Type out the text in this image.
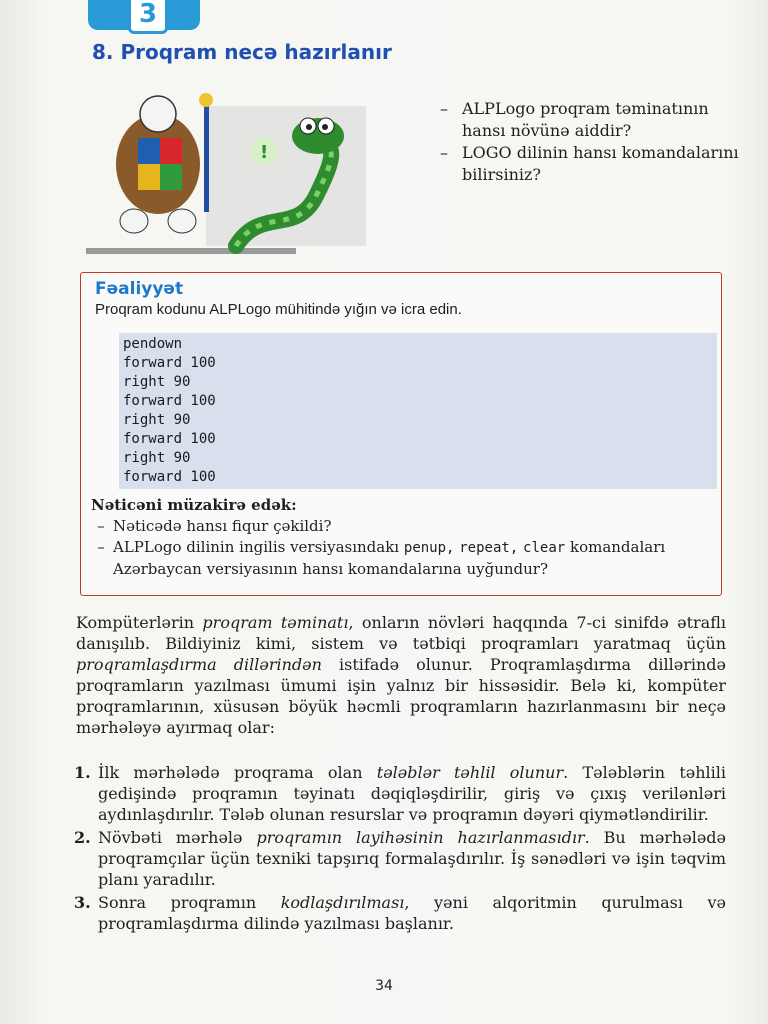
3
8. Proqram necə hazırlanır
!
– ALPLogo proqram təminatının hansı növünə aiddir?
– LOGO dilinin hansı komandalarını bilirsiniz?
Fəaliyyət
Proqram kodunu ALPLogo mühitində yığın və icra edin.
pendown
forward 100
right 90
forward 100
right 90
forward 100
right 90
forward 100
Nəticəni müzakirə edək:
– Nəticədə hansı fiqur çəkildi?
– ALPLogo dilinin ingilis versiyasındakı penup, repeat, clear komandaları Azərbaycan versiyasının hansı komandalarına uyğundur?
Kompüterlərin proqram təminatı, onların növləri haqqında 7-ci sinifdə ətraflı danışılıb. Bildiyiniz kimi, sistem və tətbiqi proqramları yaratmaq üçün proqramlaşdırma dillərindən istifadə olunur. Proqramlaşdırma dillərində proqramların yazılması ümumi işin yalnız bir hissəsidir. Belə ki, kompüter proqramlarının, xüsusən böyük həcmli proqramların hazırlanmasını bir neçə mərhələyə ayırmaq olar:
1. İlk mərhələdə proqrama olan tələblər təhlil olunur. Tələblərin təhlili gedişində proqramın təyinatı dəqiqləşdirilir, giriş və çıxış verilənləri aydınlaşdırılır. Tələb olunan resurslar və proqramın dəyəri qiymətləndirilir.
2. Növbəti mərhələ proqramın layihəsinin hazırlanmasıdır. Bu mərhələdə proqramçılar üçün texniki tapşırıq formalaşdırılır. İş sənədləri və işin təqvim planı yaradılır.
3. Sonra proqramın kodlaşdırılması, yəni alqoritmin qurulması və proqramlaşdırma dilində yazılması başlanır.
34
